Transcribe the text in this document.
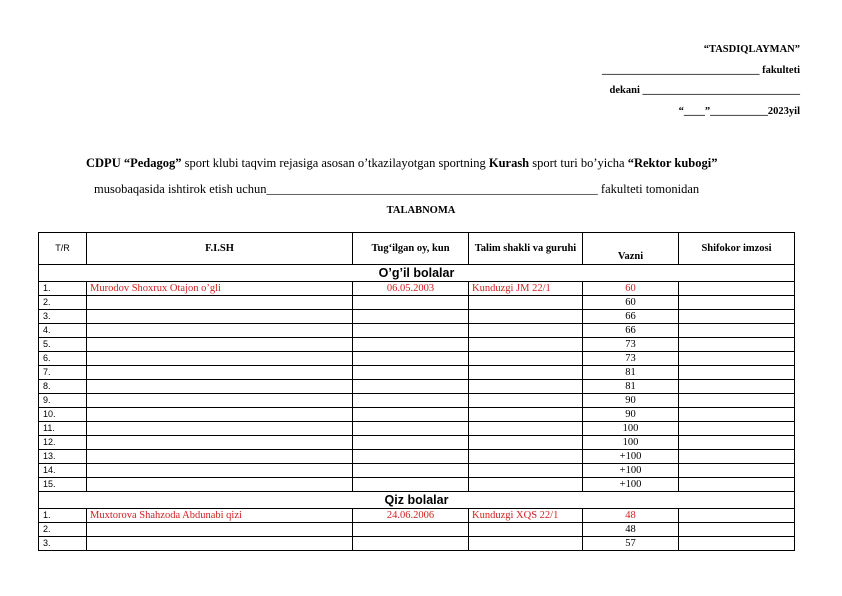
“TASDIQLAYMAN”
______________________________ fakulteti
dekani ______________________________
“____”___________2023yil
CDPU “Pedagog” sport klubi taqvim rejasiga asosan o’tkazilayotgan sportning Kurash sport turi bo’yicha “Rektor kubogi”
musobaqasida ishtirok etish uchun_____________________________________________________ fakulteti tomonidan
TALABNOMA
T/R	F.I.SH	Tug‘ilgan oy, kun	Talim shakli va guruhi	Vazni	Shifokor imzosi
O’g’il bolalar					
1.	Murodov Shoxrux Otajon o’gli	06.05.2003	Kunduzgi JM 22/1	60	
2.				60	
3.				66	
4.				66	
5.				73	
6.				73	
7.				81	
8.				81	
9.				90	
10.				90	
11.				100	
12.				100	
13.				+100	
14.				+100	
15.				+100	
Qiz bolalar					
1.	Muxtorova Shahzoda Abdunabi qizi	24.06.2006	Kunduzgi XQS 22/1	48	
2.				48	
3.				57	
